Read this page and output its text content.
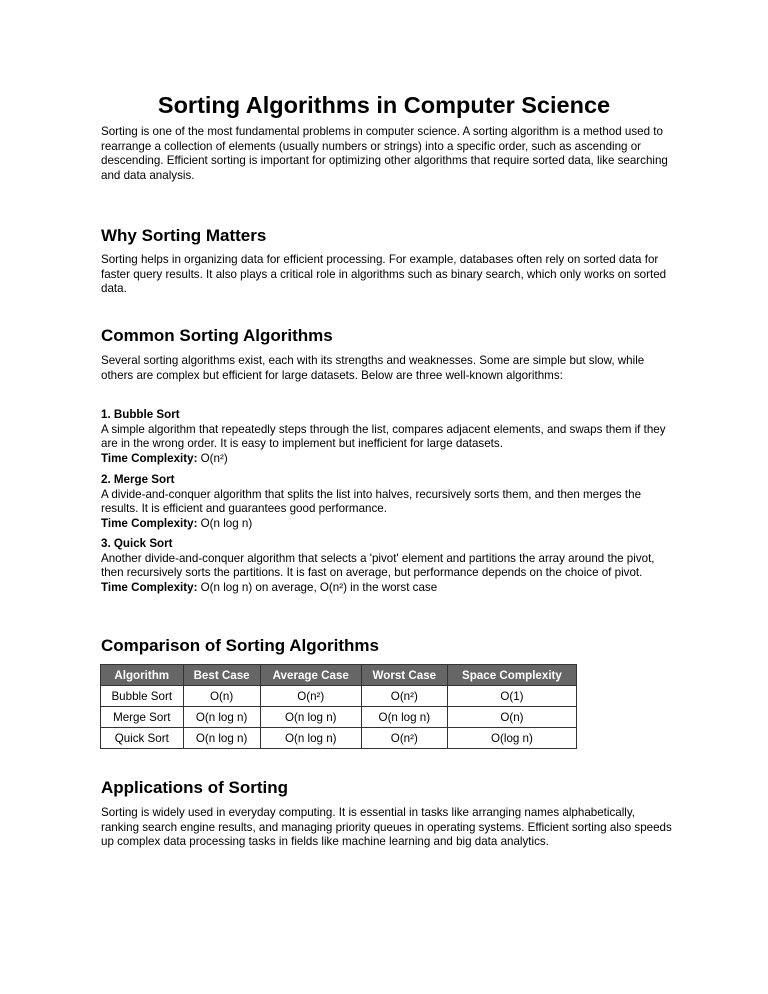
Sorting Algorithms in Computer Science

Sorting is one of the most fundamental problems in computer science. A sorting algorithm is a method used to rearrange a collection of elements (usually numbers or strings) into a specific order, such as ascending or descending. Efficient sorting is important for optimizing other algorithms that require sorted data, like searching and data analysis.

Why Sorting Matters

Sorting helps in organizing data for efficient processing. For example, databases often rely on sorted data for faster query results. It also plays a critical role in algorithms such as binary search, which only works on sorted data.

Common Sorting Algorithms

Several sorting algorithms exist, each with its strengths and weaknesses. Some are simple but slow, while others are complex but efficient for large datasets. Below are three well-known algorithms:

1. Bubble Sort
A simple algorithm that repeatedly steps through the list, compares adjacent elements, and swaps them if they are in the wrong order. It is easy to implement but inefficient for large datasets.
Time Complexity: O(n²)
2. Merge Sort
A divide-and-conquer algorithm that splits the list into halves, recursively sorts them, and then merges the results. It is efficient and guarantees good performance.
Time Complexity: O(n log n)
3. Quick Sort
Another divide-and-conquer algorithm that selects a 'pivot' element and partitions the array around the pivot, then recursively sorts the partitions. It is fast on average, but performance depends on the choice of pivot.
Time Complexity: O(n log n) on average, O(n²) in the worst case
Comparison of Sorting Algorithms
Algorithm	Best Case	Average Case	Worst Case	Space Complexity
Bubble Sort	O(n)	O(n²)	O(n²)	O(1)
Merge Sort	O(n log n)	O(n log n)	O(n log n)	O(n)
Quick Sort	O(n log n)	O(n log n)	O(n²)	O(log n)
Applications of Sorting

Sorting is widely used in everyday computing. It is essential in tasks like arranging names alphabetically, ranking search engine results, and managing priority queues in operating systems. Efficient sorting also speeds up complex data processing tasks in fields like machine learning and big data analytics.
